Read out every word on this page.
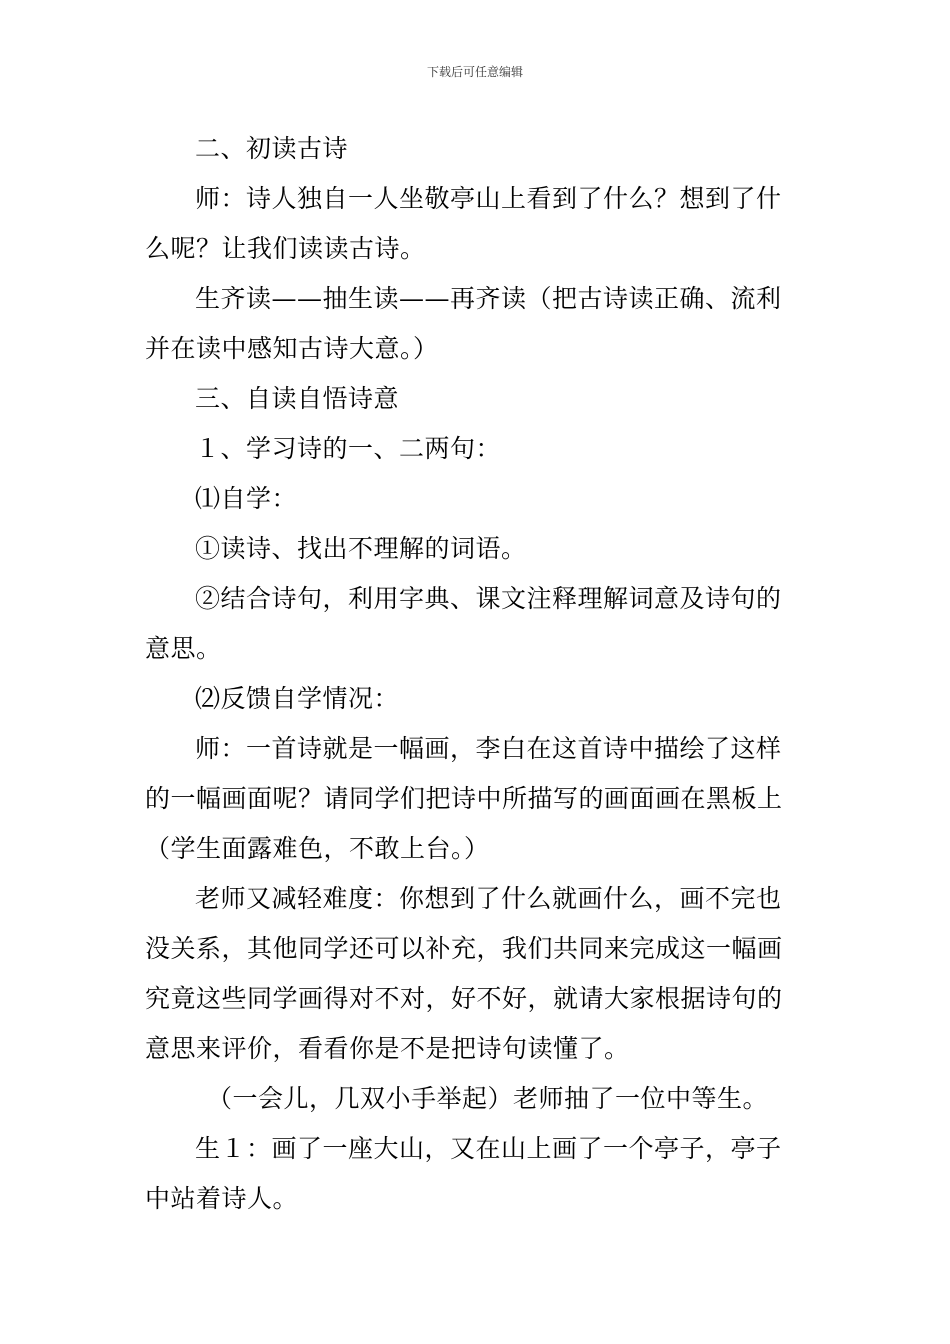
下载后可任意编辑
二、初读古诗
师：诗人独自一人坐敬亭山上看到了什么？想到了什
么呢？让我们读读古诗。
生齐读——抽生读——再齐读（把古诗读正确、流利
并在读中感知古诗大意。）
三、自读自悟诗意
１、学习诗的一、二两句：
⑴自学：
①读诗、找出不理解的词语。
②结合诗句，利用字典、课文注释理解词意及诗句的
意思。
⑵反馈自学情况：
师：一首诗就是一幅画，李白在这首诗中描绘了这样
的一幅画面呢？请同学们把诗中所描写的画面画在黑板上
（学生面露难色，不敢上台。）
老师又减轻难度：你想到了什么就画什么，画不完也
没关系，其他同学还可以补充，我们共同来完成这一幅画
究竟这些同学画得对不对，好不好，就请大家根据诗句的
意思来评价，看看你是不是把诗句读懂了。
（一会儿，几双小手举起）老师抽了一位中等生。
生１：画了一座大山，又在山上画了一个亭子，亭子
中站着诗人。
